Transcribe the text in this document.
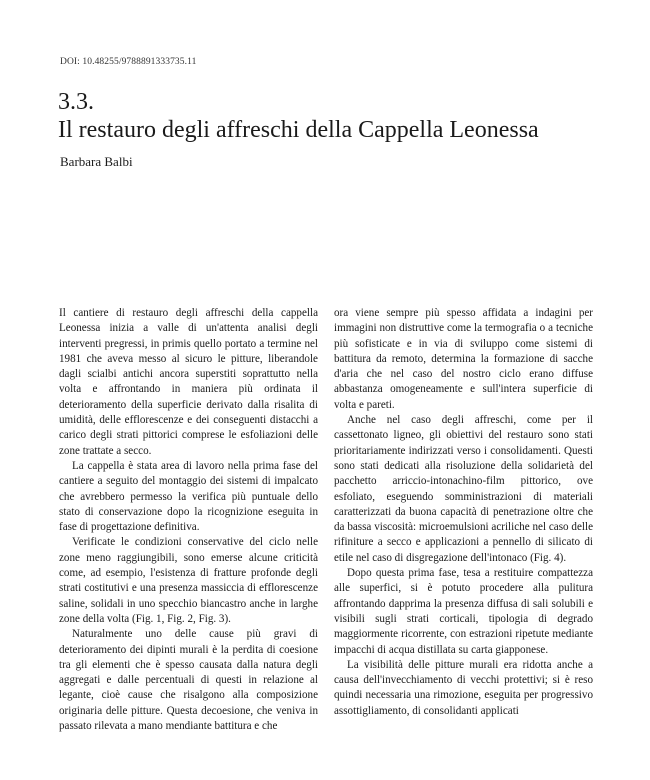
DOI: 10.48255/9788891333735.11
3.3.
Il restauro degli affreschi della Cappella Leonessa
Barbara Balbi

Il cantiere di restauro degli affreschi della cappella Leonessa inizia a valle di un'attenta analisi degli interventi pregressi, in primis quello portato a termine nel 1981 che aveva messo al sicuro le pitture, liberandole dagli scialbi antichi ancora superstiti soprattutto nella volta e affrontando in maniera più ordinata il deterioramento della superficie derivato dalla risalita di umidità, delle efflorescenze e dei conseguenti distacchi a carico degli strati pittorici comprese le esfoliazioni delle zone trattate a secco.

La cappella è stata area di lavoro nella prima fase del cantiere a seguito del montaggio dei sistemi di impalcato che avrebbero permesso la verifica più puntuale dello stato di conservazione dopo la ricognizione eseguita in fase di progettazione definitiva.

Verificate le condizioni conservative del ciclo nelle zone meno raggiungibili, sono emerse alcune criticità come, ad esempio, l'esistenza di fratture profonde degli strati costitutivi e una presenza massiccia di efflorescenze saline, solidali in uno specchio biancastro anche in larghe zone della volta (Fig. 1, Fig. 2, Fig. 3).

Naturalmente uno delle cause più gravi di deterioramento dei dipinti murali è la perdita di coesione tra gli elementi che è spesso causata dalla natura degli aggregati e dalle percentuali di questi in relazione al legante, cioè cause che risalgono alla composizione originaria delle pitture. Questa decoesione, che veniva in passato rilevata a mano mendiante battitura e che

ora viene sempre più spesso affidata a indagini per immagini non distruttive come la termografia o a tecniche più sofisticate e in via di sviluppo come sistemi di battitura da remoto, determina la formazione di sacche d'aria che nel caso del nostro ciclo erano diffuse abbastanza omogeneamente e sull'intera superficie di volta e pareti.

Anche nel caso degli affreschi, come per il cassettonato ligneo, gli obiettivi del restauro sono stati prioritariamente indirizzati verso i consolidamenti. Questi sono stati dedicati alla risoluzione della solidarietà del pacchetto arriccio-intonachino-film pittorico, ove esfoliato, eseguendo somministrazioni di materiali caratterizzati da buona capacità di penetrazione oltre che da bassa viscosità: microemulsioni acriliche nel caso delle rifiniture a secco e applicazioni a pennello di silicato di etile nel caso di disgregazione dell'intonaco (Fig. 4).

Dopo questa prima fase, tesa a restituire compattezza alle superfici, si è potuto procedere alla pulitura affrontando dapprima la presenza diffusa di sali solubili e visibili sugli strati corticali, tipologia di degrado maggiormente ricorrente, con estrazioni ripetute mediante impacchi di acqua distillata su carta giapponese.

La visibilità delle pitture murali era ridotta anche a causa dell'invecchiamento di vecchi protettivi; si è reso quindi necessaria una rimozione, eseguita per progressivo assottigliamento, di consolidanti applicati
